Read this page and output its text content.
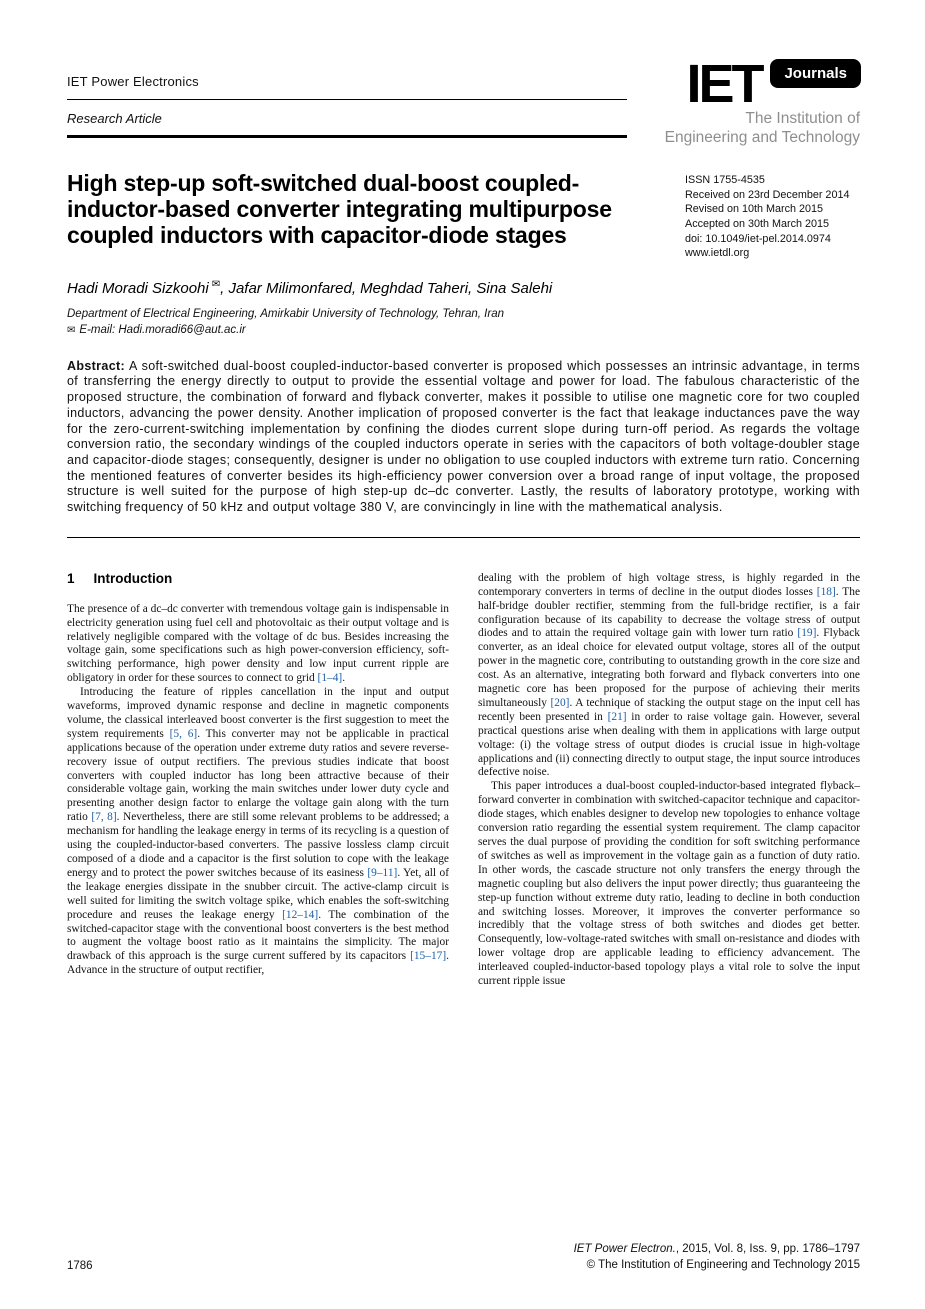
IET Power Electronics
Research Article
IET	Journals
The Institution of
Engineering and Technology
High step-up soft-switched dual-boost coupled-inductor-based converter integrating multipurpose coupled inductors with capacitor-diode stages
ISSN 1755-4535
Received on 23rd December 2014
Revised on 10th March 2015
Accepted on 30th March 2015
doi: 10.1049/iet-pel.2014.0974
www.ietdl.org
Hadi Moradi Sizkoohi ✉, Jafar Milimonfared, Meghdad Taheri, Sina Salehi
Department of Electrical Engineering, Amirkabir University of Technology, Tehran, Iran
✉ E-mail: Hadi.moradi66@aut.ac.ir

Abstract: A soft-switched dual-boost coupled-inductor-based converter is proposed which possesses an intrinsic advantage, in terms of transferring the energy directly to output to provide the essential voltage and power for load. The fabulous characteristic of the proposed structure, the combination of forward and flyback converter, makes it possible to utilise one magnetic core for two coupled inductors, advancing the power density. Another implication of proposed converter is the fact that leakage inductances pave the way for the zero-current-switching implementation by confining the diodes current slope during turn-off period. As regards the voltage conversion ratio, the secondary windings of the coupled inductors operate in series with the capacitors of both voltage-doubler stage and capacitor-diode stages; consequently, designer is under no obligation to use coupled inductors with extreme turn ratio. Concerning the mentioned features of converter besides its high-efficiency power conversion over a broad range of input voltage, the proposed structure is well suited for the purpose of high step-up dc–dc converter. Lastly, the results of laboratory prototype, working with switching frequency of 50 kHz and output voltage 380 V, are convincingly in line with the mathematical analysis.

1 Introduction

The presence of a dc–dc converter with tremendous voltage gain is indispensable in electricity generation using fuel cell and photovoltaic as their output voltage and is relatively negligible compared with the voltage of dc bus. Besides increasing the voltage gain, some specifications such as high power-conversion efficiency, soft-switching performance, high power density and low input current ripple are obligatory in order for these sources to connect to grid [1–4].

Introducing the feature of ripples cancellation in the input and output waveforms, improved dynamic response and decline in magnetic components volume, the classical interleaved boost converter is the first suggestion to meet the system requirements [5, 6]. This converter may not be applicable in practical applications because of the operation under extreme duty ratios and severe reverse-recovery issue of output rectifiers. The previous studies indicate that boost converters with coupled inductor has long been attractive because of their considerable voltage gain, working the main switches under lower duty cycle and presenting another design factor to enlarge the voltage gain along with the turn ratio [7, 8]. Nevertheless, there are still some relevant problems to be addressed; a mechanism for handling the leakage energy in terms of its recycling is a question of using the coupled-inductor-based converters. The passive lossless clamp circuit composed of a diode and a capacitor is the first solution to cope with the leakage energy and to protect the power switches because of its easiness [9–11]. Yet, all of the leakage energies dissipate in the snubber circuit. The active-clamp circuit is well suited for limiting the switch voltage spike, which enables the soft-switching procedure and reuses the leakage energy [12–14]. The combination of the switched-capacitor stage with the conventional boost converters is the best method to augment the voltage boost ratio as it maintains the simplicity. The major drawback of this approach is the surge current suffered by its capacitors [15–17]. Advance in the structure of output rectifier,

dealing with the problem of high voltage stress, is highly regarded in the contemporary converters in terms of decline in the output diodes losses [18]. The half-bridge doubler rectifier, stemming from the full-bridge rectifier, is a fair configuration because of its capability to decrease the voltage stress of output diodes and to attain the required voltage gain with lower turn ratio [19]. Flyback converter, as an ideal choice for elevated output voltage, stores all of the output power in the magnetic core, contributing to outstanding growth in the core size and cost. As an alternative, integrating both forward and flyback converters into one magnetic core has been proposed for the purpose of achieving their merits simultaneously [20]. A technique of stacking the output stage on the input cell has recently been presented in [21] in order to raise voltage gain. However, several practical questions arise when dealing with them in applications with large output voltage: (i) the voltage stress of output diodes is crucial issue in high-voltage applications and (ii) connecting directly to output stage, the input source introduces defective noise.

This paper introduces a dual-boost coupled-inductor-based integrated flyback–forward converter in combination with switched-capacitor technique and capacitor-diode stages, which enables designer to develop new topologies to enhance voltage conversion ratio regarding the essential system requirement. The clamp capacitor serves the dual purpose of providing the condition for soft switching performance of switches as well as improvement in the voltage gain as a function of duty ratio. In other words, the cascade structure not only transfers the energy through the magnetic coupling but also delivers the input power directly; thus guaranteeing the step-up function without extreme duty ratio, leading to decline in both conduction and switching losses. Moreover, it improves the converter performance so incredibly that the voltage stress of both switches and diodes get better. Consequently, low-voltage-rated switches with small on-resistance and diodes with lower voltage drop are applicable leading to efficiency advancement. The interleaved coupled-inductor-based topology plays a vital role to solve the input current ripple issue

1786
IET Power Electron., 2015, Vol. 8, Iss. 9, pp. 1786–1797
© The Institution of Engineering and Technology 2015
